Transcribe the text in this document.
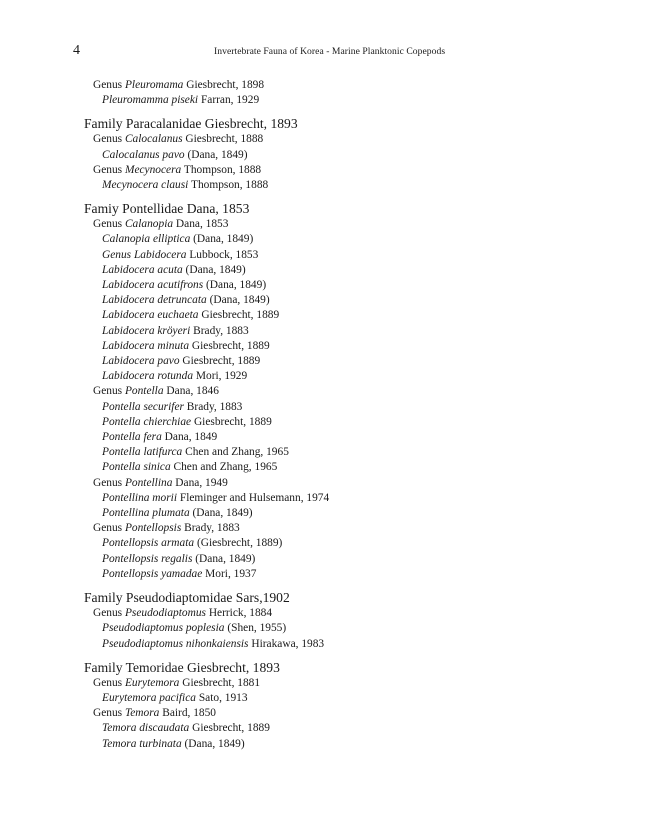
4	Invertebrate Fauna of Korea - Marine Planktonic Copepods
Genus Pleuromama Giesbrecht, 1898
Pleuromamma piseki Farran, 1929
Family Paracalanidae Giesbrecht, 1893
Genus Calocalanus Giesbrecht, 1888
Calocalanus pavo (Dana, 1849)
Genus Mecynocera Thompson, 1888
Mecynocera clausi Thompson, 1888
Famiy Pontellidae Dana, 1853
Genus Calanopia Dana, 1853
Calanopia elliptica (Dana, 1849)
Genus Labidocera Lubbock, 1853
Labidocera acuta (Dana, 1849)
Labidocera acutifrons (Dana, 1849)
Labidocera detruncata (Dana, 1849)
Labidocera euchaeta Giesbrecht, 1889
Labidocera kröyeri Brady, 1883
Labidocera minuta Giesbrecht, 1889
Labidocera pavo Giesbrecht, 1889
Labidocera rotunda Mori, 1929
Genus Pontella Dana, 1846
Pontella securifer Brady, 1883
Pontella chierchiae Giesbrecht, 1889
Pontella fera Dana, 1849
Pontella latifurca Chen and Zhang, 1965
Pontella sinica Chen and Zhang, 1965
Genus Pontellina Dana, 1949
Pontellina morii Fleminger and Hulsemann, 1974
Pontellina plumata (Dana, 1849)
Genus Pontellopsis Brady, 1883
Pontellopsis armata (Giesbrecht, 1889)
Pontellopsis regalis (Dana, 1849)
Pontellopsis yamadae Mori, 1937
Family Pseudodiaptomidae Sars,1902
Genus Pseudodiaptomus Herrick, 1884
Pseudodiaptomus poplesia (Shen, 1955)
Pseudodiaptomus nihonkaiensis Hirakawa, 1983
Family Temoridae Giesbrecht, 1893
Genus Eurytemora Giesbrecht, 1881
Eurytemora pacifica Sato, 1913
Genus Temora Baird, 1850
Temora discaudata Giesbrecht, 1889
Temora turbinata (Dana, 1849)
